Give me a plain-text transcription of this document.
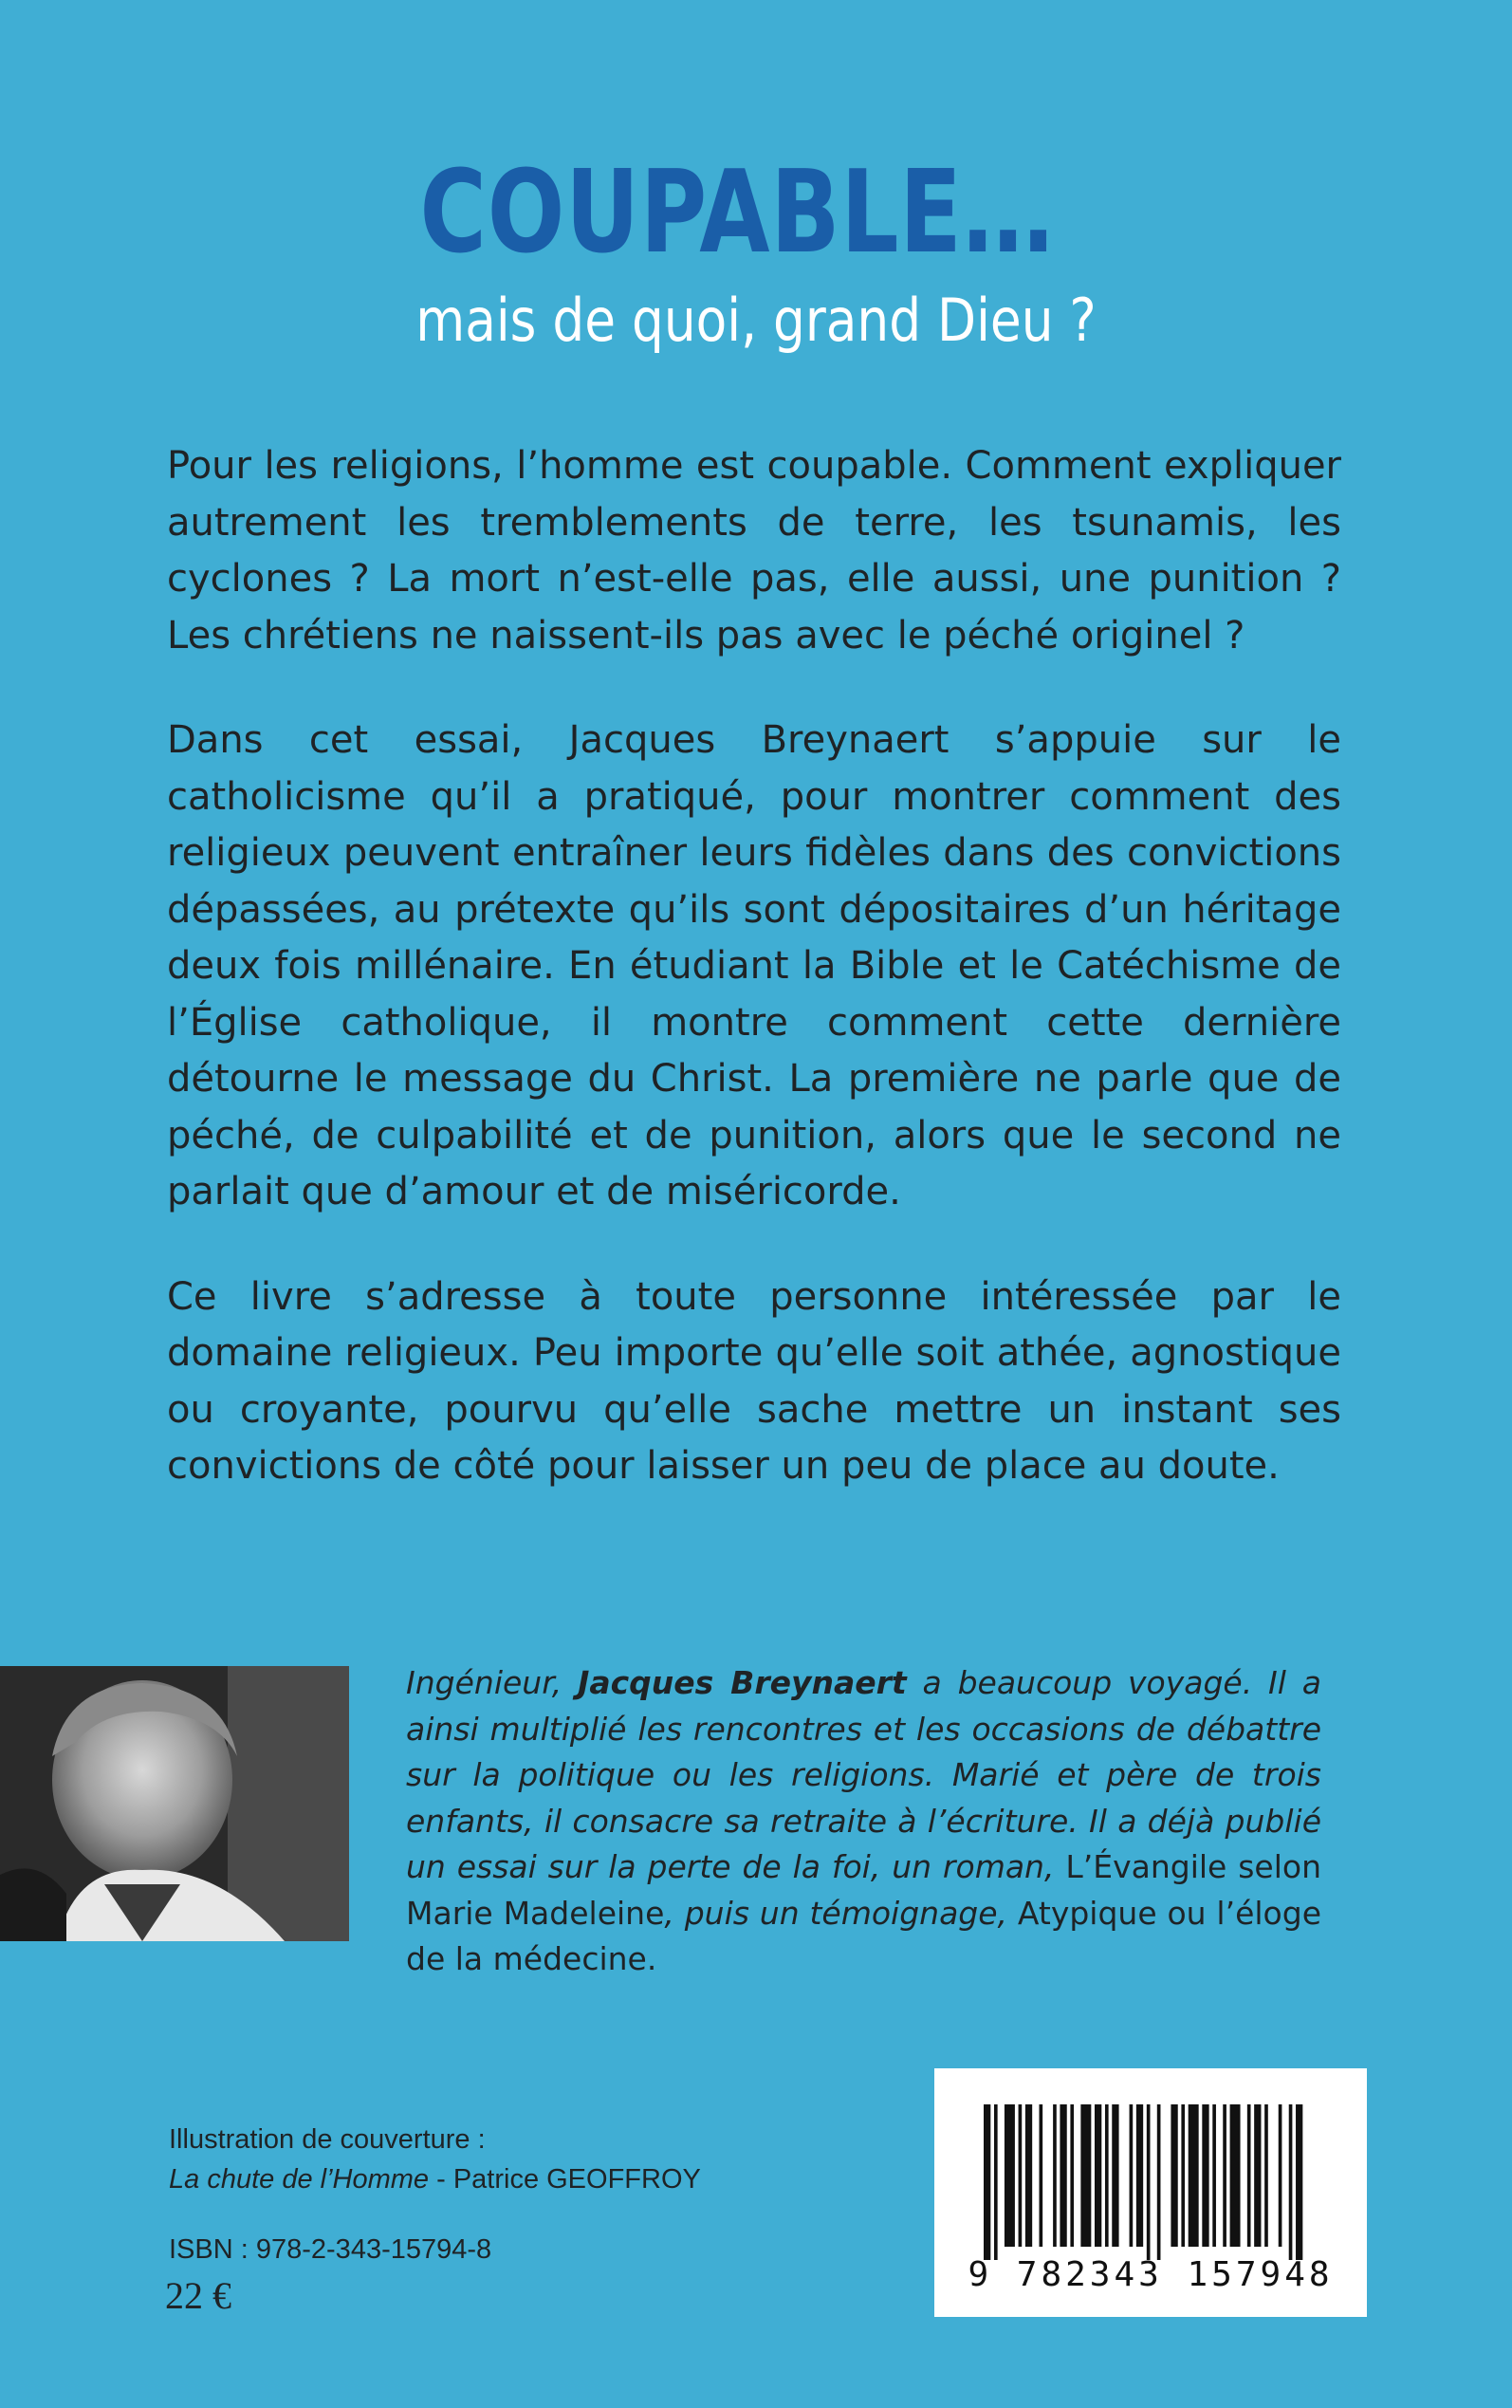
COUPABLE…
mais de quoi, grand Dieu ?

Pour les religions, l’homme est coupable. Comment expliquer autrement les tremblements de terre, les tsunamis, les cyclones ? La mort n’est-elle pas, elle aussi, une punition ? Les chrétiens ne naissent-ils pas avec le péché originel ?

Dans cet essai, Jacques Breynaert s’appuie sur le catholicisme qu’il a pratiqué, pour montrer comment des religieux peuvent entraîner leurs fidèles dans des convictions dépassées, au prétexte qu’ils sont dépositaires d’un héritage deux fois millénaire. En étudiant la Bible et le Catéchisme de l’Église catholique, il montre comment cette dernière détourne le message du Christ. La première ne parle que de péché, de culpabilité et de punition, alors que le second ne parlait que d’amour et de miséricorde.

Ce livre s’adresse à toute personne intéressée par le domaine religieux. Peu importe qu’elle soit athée, agnostique ou croyante, pourvu qu’elle sache mettre un instant ses convictions de côté pour laisser un peu de place au doute.

Ingénieur, Jacques Breynaert a beaucoup voyagé. Il a ainsi multiplié les rencontres et les occasions de débattre sur la politique ou les religions. Marié et père de trois enfants, il consacre sa retraite à l’écriture. Il a déjà publié un essai sur la perte de la foi, un roman, L’Évangile selon Marie Madeleine, puis un témoignage, Atypique ou l’éloge de la médecine.
Illustration de couverture :
La chute de l’Homme - Patrice GEOFFROY
ISBN : 978-2-343-15794-8
22 €	9 782343 157948
